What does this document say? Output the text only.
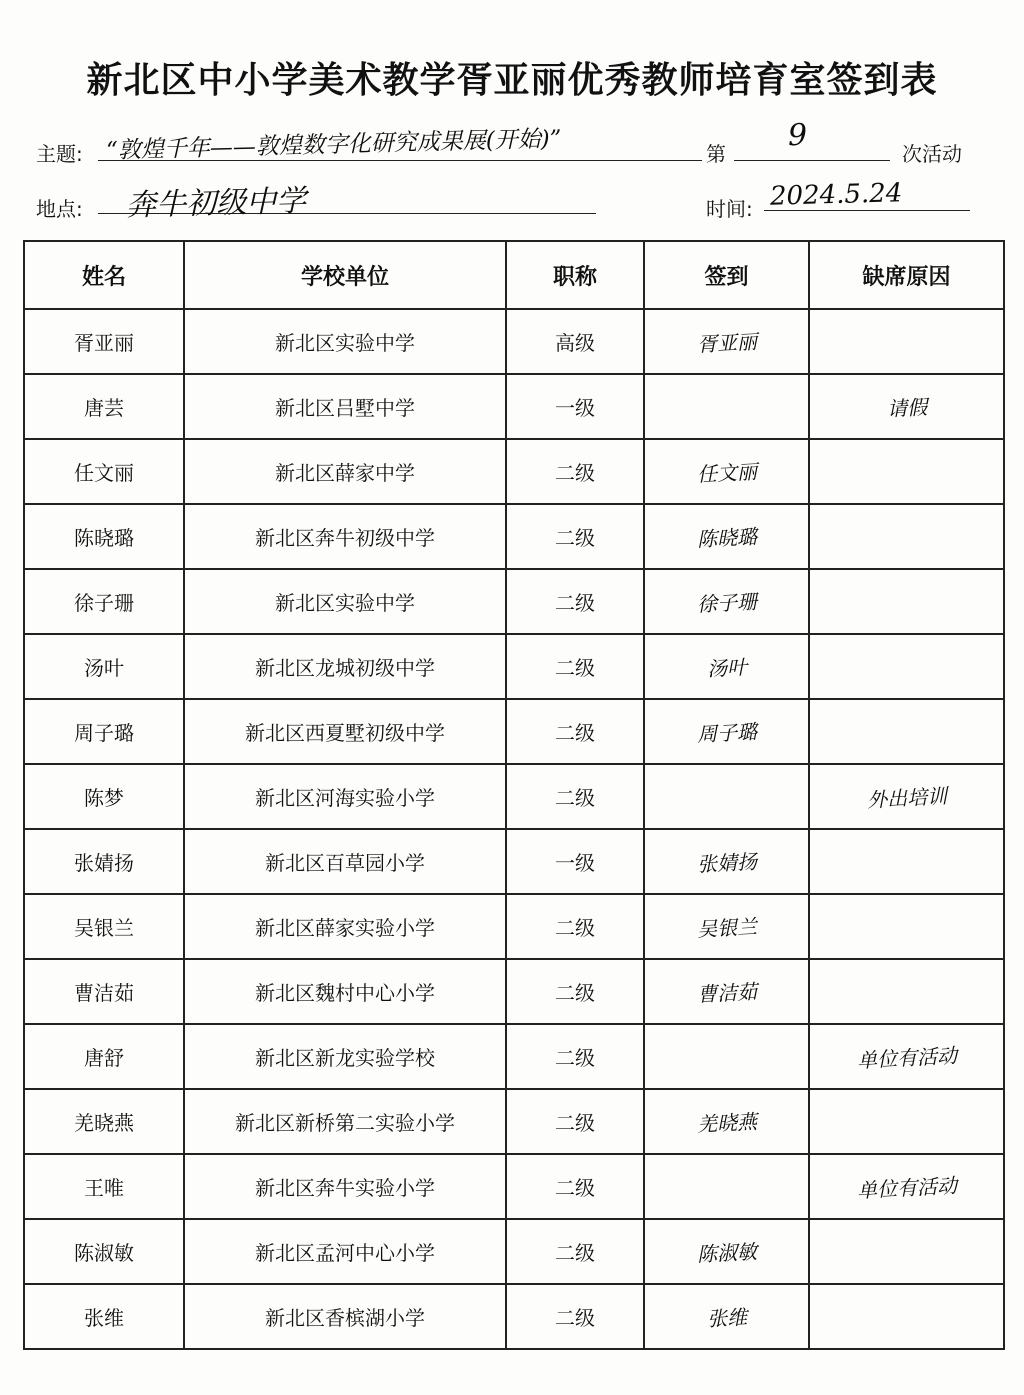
新北区中小学美术教学胥亚丽优秀教师培育室签到表
主题: “敦煌千年——敦煌数字化研究成果展(开始)”	第
9
次活动
地点: 奔牛初级中学	时间: 2024.5.24
姓名	学校单位	职称	签到	缺席原因
胥亚丽	新北区实验中学	高级	胥亚丽	
唐芸	新北区吕墅中学	一级		请假
任文丽	新北区薛家中学	二级	任文丽	
陈晓璐	新北区奔牛初级中学	二级	陈晓璐	
徐子珊	新北区实验中学	二级	徐子珊	
汤叶	新北区龙城初级中学	二级	汤叶	
周子璐	新北区西夏墅初级中学	二级	周子璐	
陈梦	新北区河海实验小学	二级		外出培训
张婧扬	新北区百草园小学	一级	张婧扬	
吴银兰	新北区薛家实验小学	二级	吴银兰	
曹洁茹	新北区魏村中心小学	二级	曹洁茹	
唐舒	新北区新龙实验学校	二级		单位有活动
羌晓燕	新北区新桥第二实验小学	二级	羌晓燕	
王唯	新北区奔牛实验小学	二级		单位有活动
陈淑敏	新北区孟河中心小学	二级	陈淑敏	
张维	新北区香槟湖小学	二级	张维	
